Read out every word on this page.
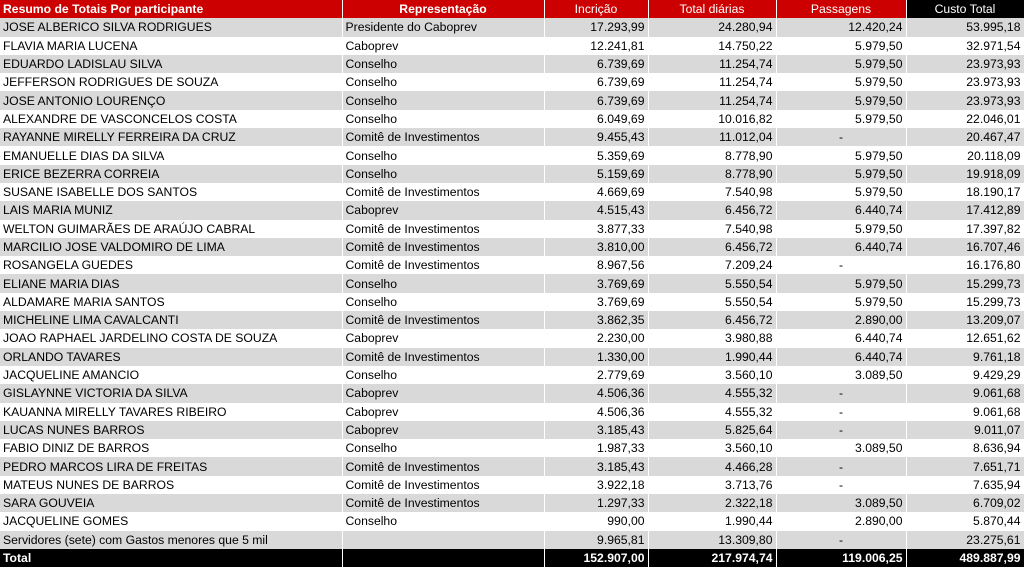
Resumo de Totais Por participante	Representação	Incrição	Total diárias	Passagens	Custo Total
JOSE ALBERICO SILVA RODRIGUES	Presidente do Caboprev	17.293,99	24.280,94	12.420,24	53.995,18
FLAVIA MARIA LUCENA	Caboprev	12.241,81	14.750,22	5.979,50	32.971,54
EDUARDO LADISLAU SILVA	Conselho	6.739,69	11.254,74	5.979,50	23.973,93
JEFFERSON RODRIGUES DE SOUZA	Conselho	6.739,69	11.254,74	5.979,50	23.973,93
JOSE ANTONIO LOURENÇO	Conselho	6.739,69	11.254,74	5.979,50	23.973,93
ALEXANDRE DE VASCONCELOS COSTA	Conselho	6.049,69	10.016,82	5.979,50	22.046,01
RAYANNE MIRELLY FERREIRA DA CRUZ	Comitê de Investimentos	9.455,43	11.012,04	-	20.467,47
EMANUELLE DIAS DA SILVA	Conselho	5.359,69	8.778,90	5.979,50	20.118,09
ERICE BEZERRA CORREIA	Conselho	5.159,69	8.778,90	5.979,50	19.918,09
SUSANE ISABELLE DOS SANTOS	Comitê de Investimentos	4.669,69	7.540,98	5.979,50	18.190,17
LAIS MARIA MUNIZ	Caboprev	4.515,43	6.456,72	6.440,74	17.412,89
WELTON GUIMARÃES DE ARAÚJO CABRAL	Comitê de Investimentos	3.877,33	7.540,98	5.979,50	17.397,82
MARCILIO JOSE VALDOMIRO DE LIMA	Comitê de Investimentos	3.810,00	6.456,72	6.440,74	16.707,46
ROSANGELA GUEDES	Comitê de Investimentos	8.967,56	7.209,24	-	16.176,80
ELIANE MARIA DIAS	Conselho	3.769,69	5.550,54	5.979,50	15.299,73
ALDAMARE MARIA SANTOS	Conselho	3.769,69	5.550,54	5.979,50	15.299,73
MICHELINE LIMA CAVALCANTI	Comitê de Investimentos	3.862,35	6.456,72	2.890,00	13.209,07
JOAO RAPHAEL JARDELINO COSTA DE SOUZA	Caboprev	2.230,00	3.980,88	6.440,74	12.651,62
ORLANDO TAVARES	Comitê de Investimentos	1.330,00	1.990,44	6.440,74	9.761,18
JACQUELINE AMANCIO	Conselho	2.779,69	3.560,10	3.089,50	9.429,29
GISLAYNNE VICTORIA DA SILVA	Caboprev	4.506,36	4.555,32	-	9.061,68
KAUANNA MIRELLY TAVARES RIBEIRO	Caboprev	4.506,36	4.555,32	-	9.061,68
LUCAS NUNES BARROS	Caboprev	3.185,43	5.825,64	-	9.011,07
FABIO DINIZ DE BARROS	Conselho	1.987,33	3.560,10	3.089,50	8.636,94
PEDRO MARCOS LIRA DE FREITAS	Comitê de Investimentos	3.185,43	4.466,28	-	7.651,71
MATEUS NUNES DE BARROS	Comitê de Investimentos	3.922,18	3.713,76	-	7.635,94
SARA GOUVEIA	Comitê de Investimentos	1.297,33	2.322,18	3.089,50	6.709,02
JACQUELINE GOMES	Conselho	990,00	1.990,44	2.890,00	5.870,44
Servidores (sete) com Gastos menores que 5 mil		9.965,81	13.309,80	-	23.275,61
Total		152.907,00	217.974,74	119.006,25	489.887,99
